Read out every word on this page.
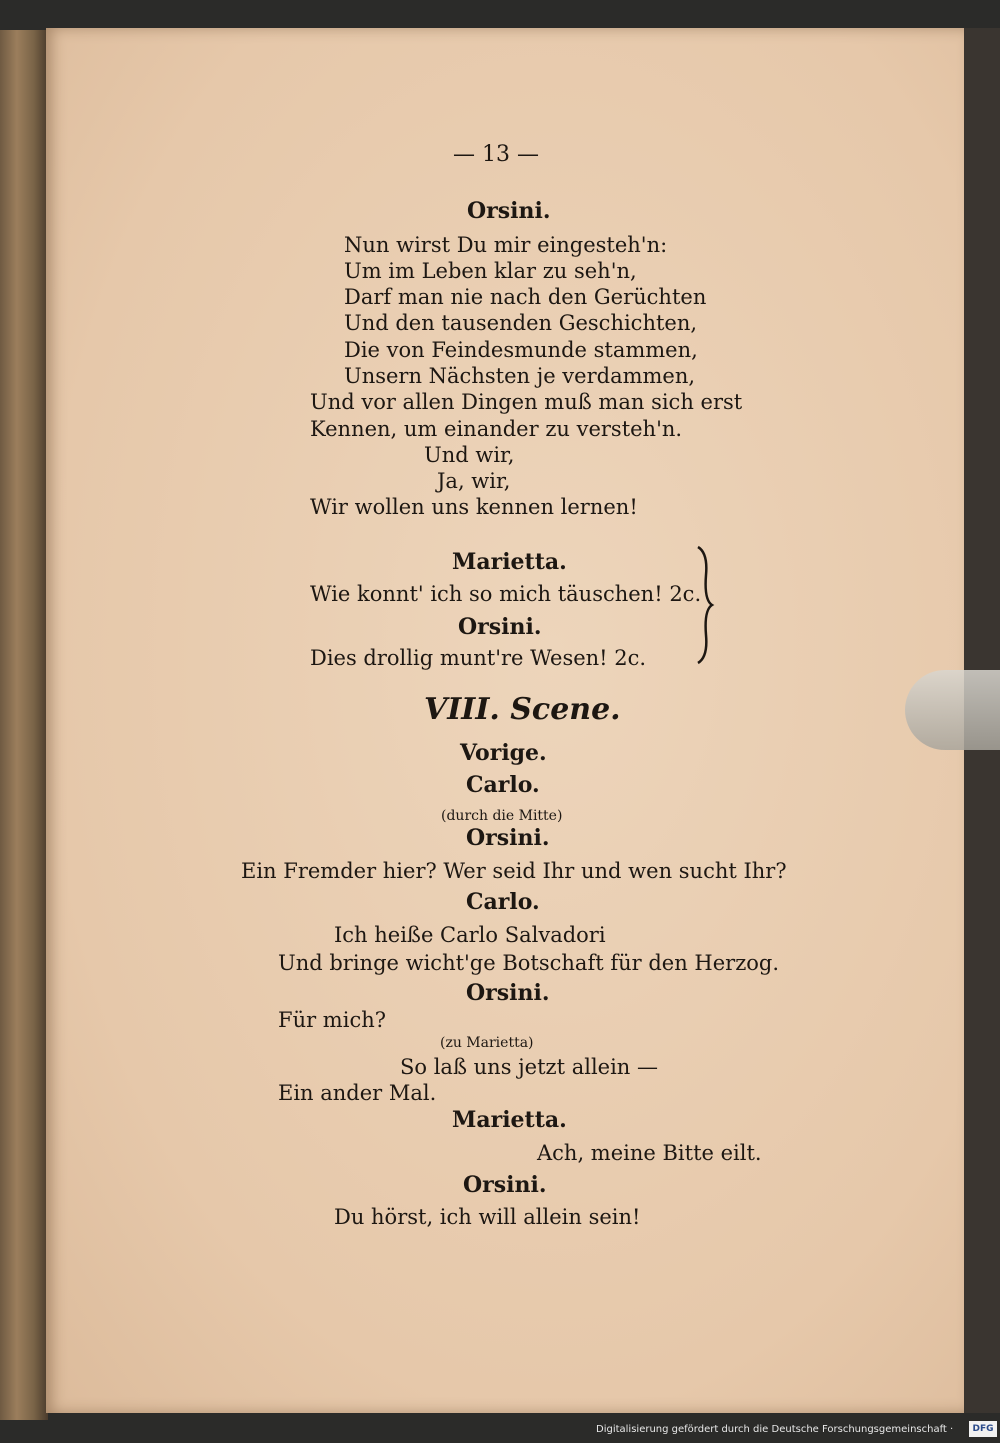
— 13 —
Orsini.
Nun wirst Du mir eingesteh'n:
Um im Leben klar zu seh'n,
Darf man nie nach den Gerüchten
Und den tausenden Geschichten,
Die von Feindesmunde stammen,
Unsern Nächsten je verdammen,
Und vor allen Dingen muß man sich erst
Kennen, um einander zu versteh'n.
Und wir,
Ja, wir,
Wir wollen uns kennen lernen!
Marietta.
Wie konnt' ich so mich täuschen! 2c.
Orsini.
Dies drollig munt're Wesen! 2c.
VIII. Scene.
Vorige.
Carlo.
(durch die Mitte)
Orsini.
Ein Fremder hier? Wer seid Ihr und wen sucht Ihr?
Carlo.
Ich heiße Carlo Salvadori
Und bringe wicht'ge Botschaft für den Herzog.
Orsini.
Für mich?
(zu Marietta)
So laß uns jetzt allein —
Ein ander Mal.
Marietta.
Ach, meine Bitte eilt.
Orsini.
Du hörst, ich will allein sein!
Digitalisierung gefördert durch die Deutsche Forschungsgemeinschaft ·	DFG
